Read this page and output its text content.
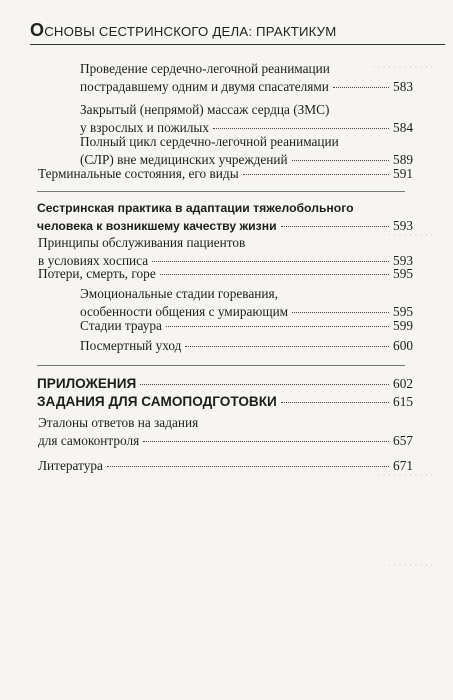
ОСНОВЫ СЕСТРИНСКОГО ДЕЛА: ПРАКТИКУМ
· · · · · · · · · · · ·
· · · · · · · · ·
· · · · · · · · · · ·
· · · · · · · · ·
Проведение сердечно-легочной реанимации
пострадавшему одним и двумя спасателями	583
Закрытый (непрямой) массаж сердца (ЗМС)
у взрослых и пожилых	584
Полный цикл сердечно-легочной реанимации
(СЛР) вне медицинских учреждений	589
Терминальные состояния, его виды	591
Сестринская практика в адаптации тяжелобольного
человека к возникшему качеству жизни	593
Принципы обслуживания пациентов
в условиях хосписа	593
Потери, смерть, горе	595
Эмоциональные стадии горевания,
особенности общения с умирающим	595
Стадии траура	599
Посмертный уход	600
ПРИЛОЖЕНИЯ	602
ЗАДАНИЯ ДЛЯ САМОПОДГОТОВКИ	615
Эталоны ответов на задания
для самоконтроля	657
Литература	671
